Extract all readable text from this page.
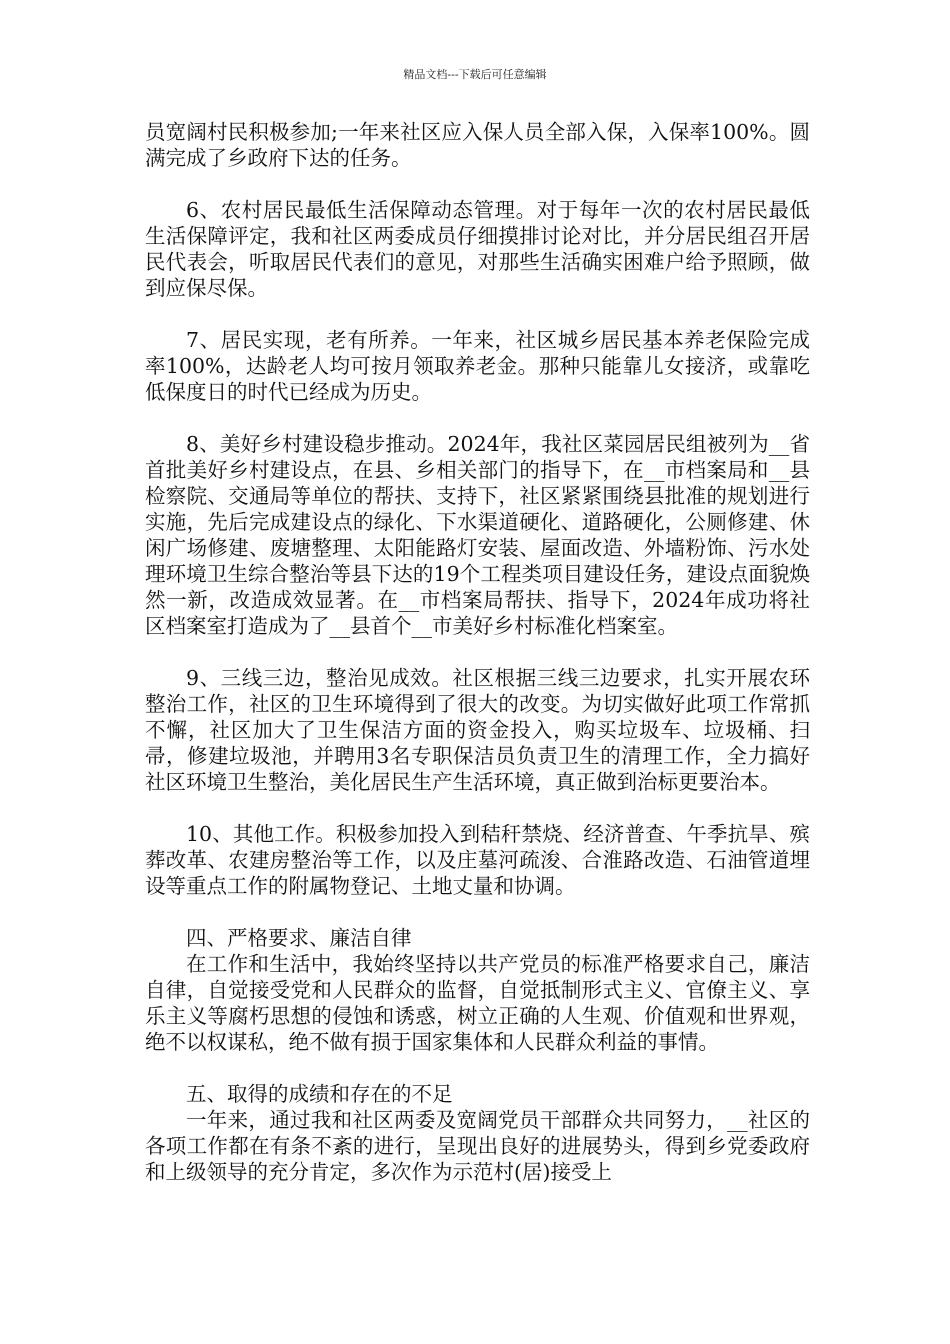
精品文档---下载后可任意编辑

员宽阔村民积极参加;一年来社区应入保人员全部入保，入保率100%。圆满完成了乡政府下达的任务。

6、农村居民最低生活保障动态管理。对于每年一次的农村居民最低生活保障评定，我和社区两委成员仔细摸排讨论对比，并分居民组召开居民代表会，听取居民代表们的意见，对那些生活确实困难户给予照顾，做到应保尽保。

7、居民实现，老有所养。一年来，社区城乡居民基本养老保险完成率100%，达龄老人均可按月领取养老金。那种只能靠儿女接济，或靠吃低保度日的时代已经成为历史。

8、美好乡村建设稳步推动。2024年，我社区菜园居民组被列为__省首批美好乡村建设点，在县、乡相关部门的指导下，在__市档案局和__县检察院、交通局等单位的帮扶、支持下，社区紧紧围绕县批准的规划进行实施，先后完成建设点的绿化、下水渠道硬化、道路硬化，公厕修建、休闲广场修建、废塘整理、太阳能路灯安装、屋面改造、外墙粉饰、污水处理环境卫生综合整治等县下达的19个工程类项目建设任务，建设点面貌焕然一新，改造成效显著。在__市档案局帮扶、指导下，2024年成功将社区档案室打造成为了__县首个__市美好乡村标准化档案室。

9、三线三边，整治见成效。社区根据三线三边要求，扎实开展农环整治工作，社区的卫生环境得到了很大的改变。为切实做好此项工作常抓不懈，社区加大了卫生保洁方面的资金投入，购买垃圾车、垃圾桶、扫帚，修建垃圾池，并聘用3名专职保洁员负责卫生的清理工作，全力搞好社区环境卫生整治，美化居民生产生活环境，真正做到治标更要治本。

10、其他工作。积极参加投入到秸秆禁烧、经济普查、午季抗旱、殡葬改革、农建房整治等工作，以及庄墓河疏浚、合淮路改造、石油管道埋设等重点工作的附属物登记、土地丈量和协调。

四、严格要求、廉洁自律

在工作和生活中，我始终坚持以共产党员的标准严格要求自己，廉洁自律，自觉接受党和人民群众的监督，自觉抵制形式主义、官僚主义、享乐主义等腐朽思想的侵蚀和诱惑，树立正确的人生观、价值观和世界观，绝不以权谋私，绝不做有损于国家集体和人民群众利益的事情。

五、取得的成绩和存在的不足

一年来，通过我和社区两委及宽阔党员干部群众共同努力，__社区的各项工作都在有条不紊的进行，呈现出良好的进展势头，得到乡党委政府和上级领导的充分肯定，多次作为示范村(居)接受上
